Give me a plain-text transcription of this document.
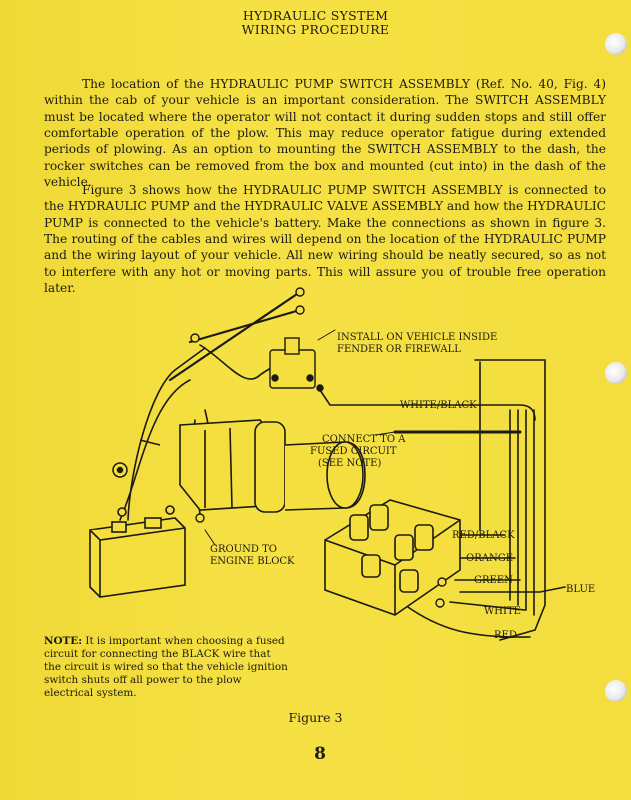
HYDRAULIC SYSTEM
WIRING PROCEDURE

The location of the HYDRAULIC PUMP SWITCH ASSEMBLY (Ref. No. 40, Fig. 4) within the cab of your vehicle is an important consideration. The SWITCH ASSEMBLY must be located where the operator will not contact it during sudden stops and still offer comfortable operation of the plow. This may reduce operator fatigue during extended periods of plowing. As an option to mounting the SWITCH ASSEMBLY to the dash, the rocker switches can be removed from the box and mounted (cut into) in the dash of the vehicle.

Figure 3 shows how the HYDRAULIC PUMP SWITCH ASSEMBLY is connected to the HYDRAULIC PUMP and the HYDRAULIC VALVE ASSEMBLY and how the HYDRAULIC PUMP is connected to the vehicle's battery. Make the connections as shown in figure 3. The routing of the cables and wires will depend on the location of the HYDRAULIC PUMP and the wiring layout of your vehicle. All new wiring should be neatly secured, so as not to interfere with any hot or moving parts. This will assure you of trouble free operation later.

INSTALL ON VEHICLE INSIDE
FENDER OR FIREWALL
WHITE/BLACK
CONNECT TO A
FUSED CIRCUIT
(SEE NOTE)
GROUND TO
ENGINE BLOCK
RED/BLACK
ORANGE
GREEN
BLUE
WHITE
RED
NOTE: It is important when choosing a fused circuit for connecting the BLACK wire that the circuit is wired so that the vehicle ignition switch shuts off all power to the plow electrical system.
Figure 3
8
